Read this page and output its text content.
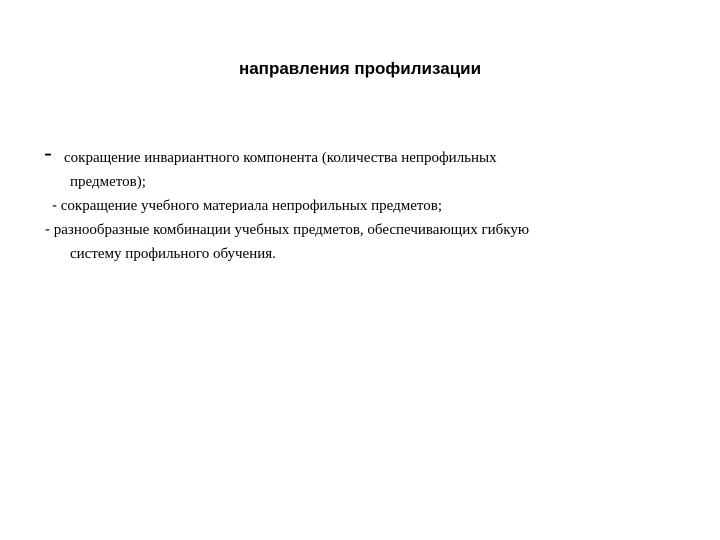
направления профилизации
- сокращение инвариантного компонента (количества непрофильных
предметов);
- сокращение учебного материала непрофильных предметов;
- разнообразные комбинации учебных предметов, обеспечивающих гибкую
систему профильного обучения.
